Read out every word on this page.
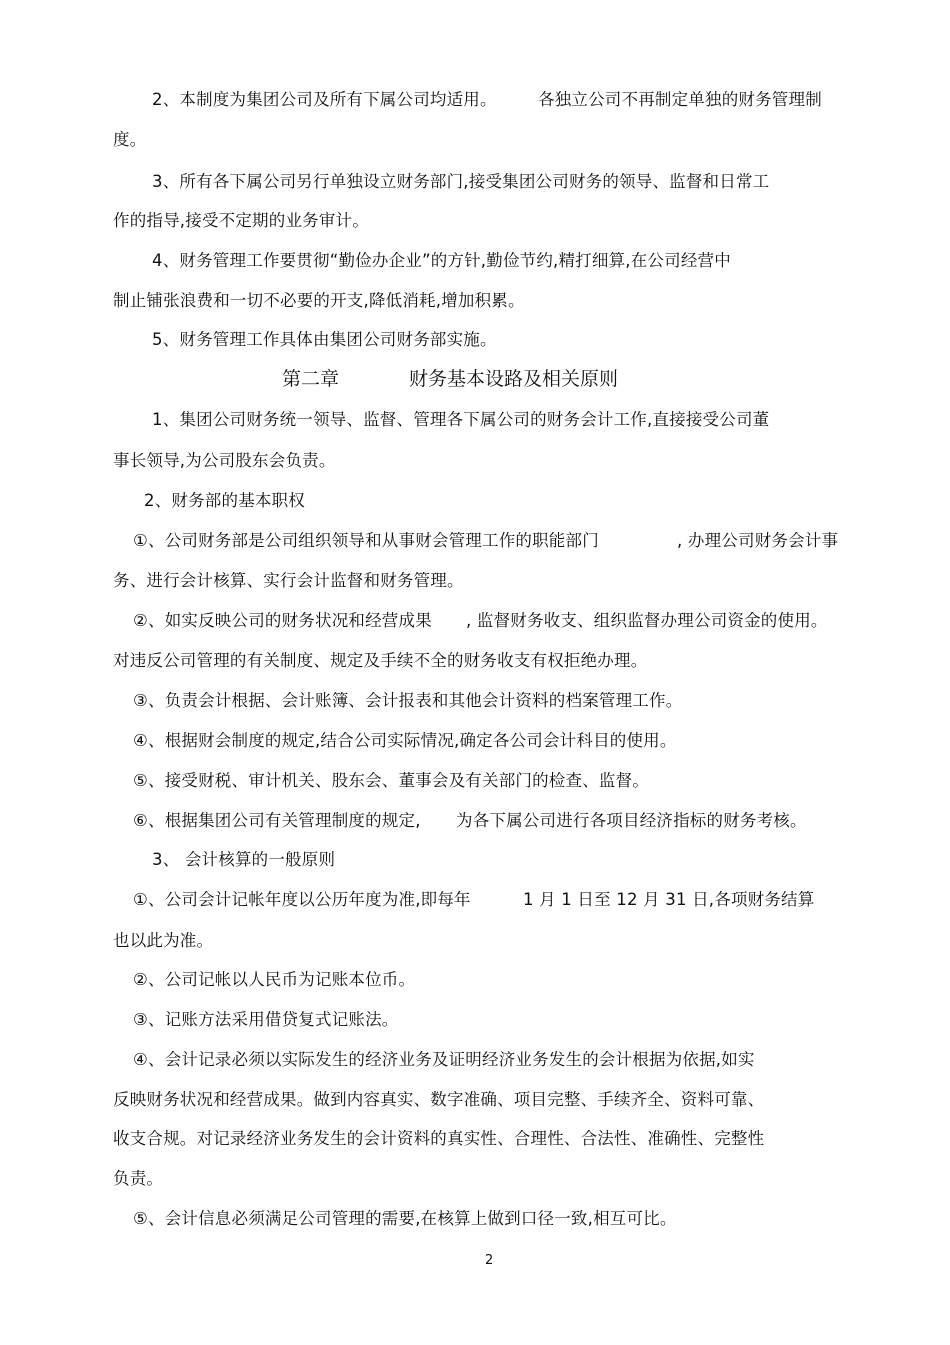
2、本制度为集团公司及所有下属公司均适用。	各独立公司不再制定单独的财务管理制
度。
3、所有各下属公司另行单独设立财务部门,接受集团公司财务的领导、监督和日常工
作的指导,接受不定期的业务审计。
4、财务管理工作要贯彻“勤俭办企业”的方针,勤俭节约,精打细算,在公司经营中
制止铺张浪费和一切不必要的开支,降低消耗,增加积累。
5、财务管理工作具体由集团公司财务部实施。
第二章	财务基本设路及相关原则
1、集团公司财务统一领导、监督、管理各下属公司的财务会计工作,直接接受公司董
事长领导,为公司股东会负责。
2、财务部的基本职权
①、公司财务部是公司组织领导和从事财会管理工作的职能部门	, 办理公司财务会计事
务、进行会计核算、实行会计监督和财务管理。
②、如实反映公司的财务状况和经营成果 , 监督财务收支、组织监督办理公司资金的使用。
对违反公司管理的有关制度、规定及手续不全的财务收支有权拒绝办理。
③、负责会计根据、会计账簿、会计报表和其他会计资料的档案管理工作。
④、根据财会制度的规定,结合公司实际情况,确定各公司会计科目的使用。
⑤、接受财税、审计机关、股东会、董事会及有关部门的检查、监督。
⑥、根据集团公司有关管理制度的规定, 为各下属公司进行各项目经济指标的财务考核。
3、 会计核算的一般原则
①、公司会计记帐年度以公历年度为准,即每年	1 月 1 日至 12 月 31 日,各项财务结算
也以此为准。
②、公司记帐以人民币为记账本位币。
③、记账方法采用借贷复式记账法。
④、会计记录必须以实际发生的经济业务及证明经济业务发生的会计根据为依据,如实
反映财务状况和经营成果。做到内容真实、数字准确、项目完整、手续齐全、资料可靠、
收支合规。对记录经济业务发生的会计资料的真实性、合理性、合法性、准确性、完整性
负责。
⑤、会计信息必须满足公司管理的需要,在核算上做到口径一致,相互可比。
2
